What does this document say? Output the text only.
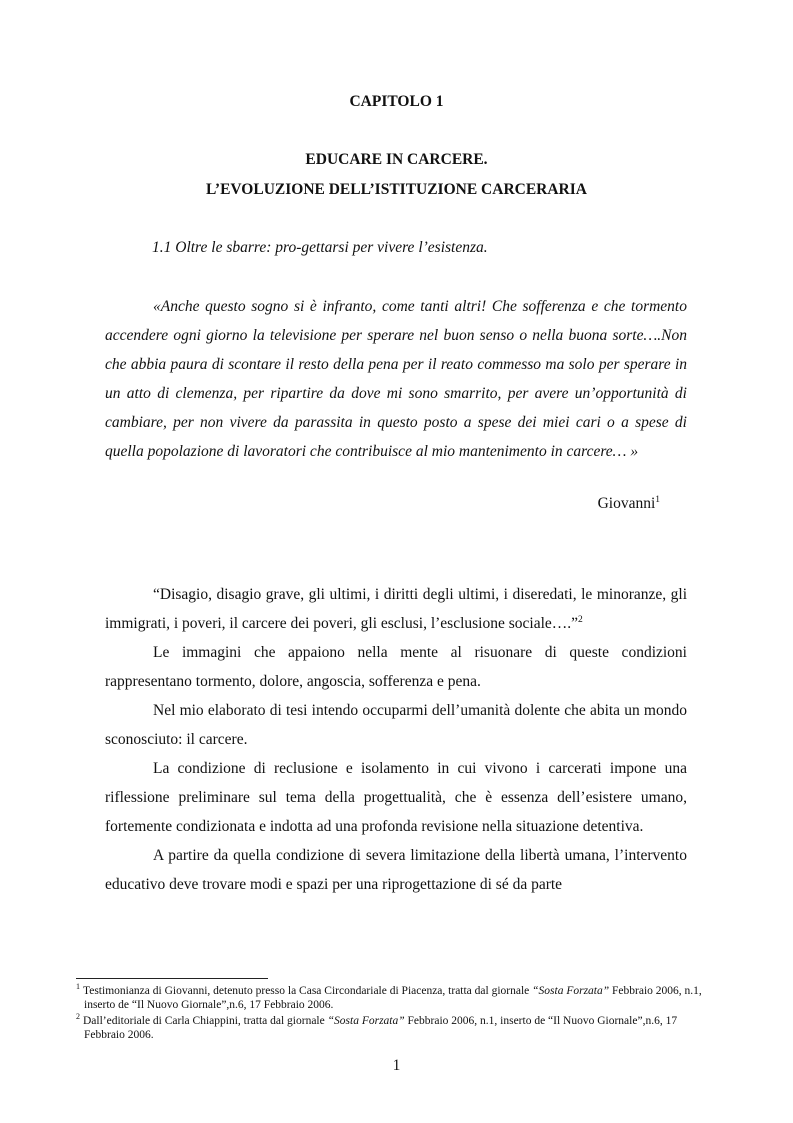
CAPITOLO 1
EDUCARE IN CARCERE.
L’EVOLUZIONE DELL’ISTITUZIONE CARCERARIA
1.1 Oltre le sbarre: pro-gettarsi per vivere l’esistenza.

«Anche questo sogno si è infranto, come tanti altri! Che sofferenza e che tormento accendere ogni giorno la televisione per sperare nel buon senso o nella buona sorte….Non che abbia paura di scontare il resto della pena per il reato commesso ma solo per sperare in un atto di clemenza, per ripartire da dove mi sono smarrito, per avere un’opportunità di cambiare, per non vivere da parassita in questo posto a spese dei miei cari o a spese di quella popolazione di lavoratori che contribuisce al mio mantenimento in carcere… »

Giovanni$^1$

“Disagio, disagio grave, gli ultimi, i diritti degli ultimi, i diseredati, le minoranze, gli immigrati, i poveri, il carcere dei poveri, gli esclusi, l’esclusione sociale….”$^2$

Le immagini che appaiono nella mente al risuonare di queste condizioni rappresentano tormento, dolore, angoscia, sofferenza e pena.

Nel mio elaborato di tesi intendo occuparmi dell’umanità dolente che abita un mondo sconosciuto: il carcere.

La condizione di reclusione e isolamento in cui vivono i carcerati impone una riflessione preliminare sul tema della progettualità, che è essenza dell’esistere umano, fortemente condizionata e indotta ad una profonda revisione nella situazione detentiva.

A partire da quella condizione di severa limitazione della libertà umana, l’intervento educativo deve trovare modi e spazi per una riprogettazione di sé da parte

$^1$ Testimonianza di Giovanni, detenuto presso la Casa Circondariale di Piacenza, tratta dal giornale “Sosta Forzata” Febbraio 2006, n.1, inserto de “Il Nuovo Giornale”,n.6, 17 Febbraio 2006.

$^2$ Dall’editoriale di Carla Chiappini, tratta dal giornale “Sosta Forzata” Febbraio 2006, n.1, inserto de “Il Nuovo Giornale”,n.6, 17 Febbraio 2006.

1
